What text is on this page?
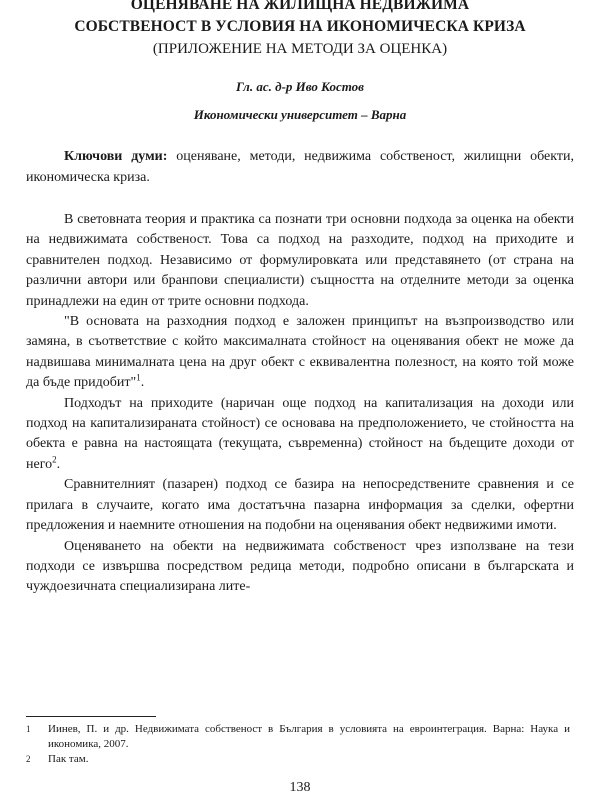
ОЦЕНЯВАНЕ НА ЖИЛИЩНА НЕДВИЖИМА

СОБСТВЕНОСТ В УСЛОВИЯ НА ИКОНОМИЧЕСКА КРИЗА

(ПРИЛОЖЕНИЕ НА МЕТОДИ ЗА ОЦЕНКА)

Гл. ас. д-р Иво Костов
Икономически университет – Варна
Ключови думи: оценяване, методи, недвижима собственост, жилищни обекти, икономическа криза.

В световната теория и практика са познати три основни подхода за оценка на обекти на недвижимата собственост. Това са подход на разходите, подход на приходите и сравнителен подход. Независимо от формулировката или представянето (от страна на различни автори или бранпови специалисти) същността на отделните методи за оценка принадлежи на един от трите основни подхода.

"В основата на разходния подход е заложен принципът на възпроизводство или замяна, в съответствие с който максималната стойност на оценявания обект не може да надвишава минималната цена на друг обект с еквивалентна полезност, на която той може да бъде придобит"$^1$.

Подходът на приходите (наричан още подход на капитализация на доходи или подход на капитализираната стойност) се основава на предположението, че стойността на обекта е равна на настоящата (текущата, съвременна) стойност на бъдещите доходи от него$^2$.

Сравнителният (пазарен) подход се базира на непосредствените сравнения и се прилага в случаите, когато има достатъчна пазарна информация за сделки, офертни предложения и наемните отношения на подобни на оценявания обект недвижими имоти.

Оценяването на обекти на недвижимата собственост чрез използване на тези подходи се извършва посредством редица методи, подробно описани в българската и чуждоезичната специализирана лите-

1	Иинев, П. и др. Недвижимата собственост в България в условията на евроинтеграция. Варна: Наука и икономика, 2007.
2	Пак там.
138
